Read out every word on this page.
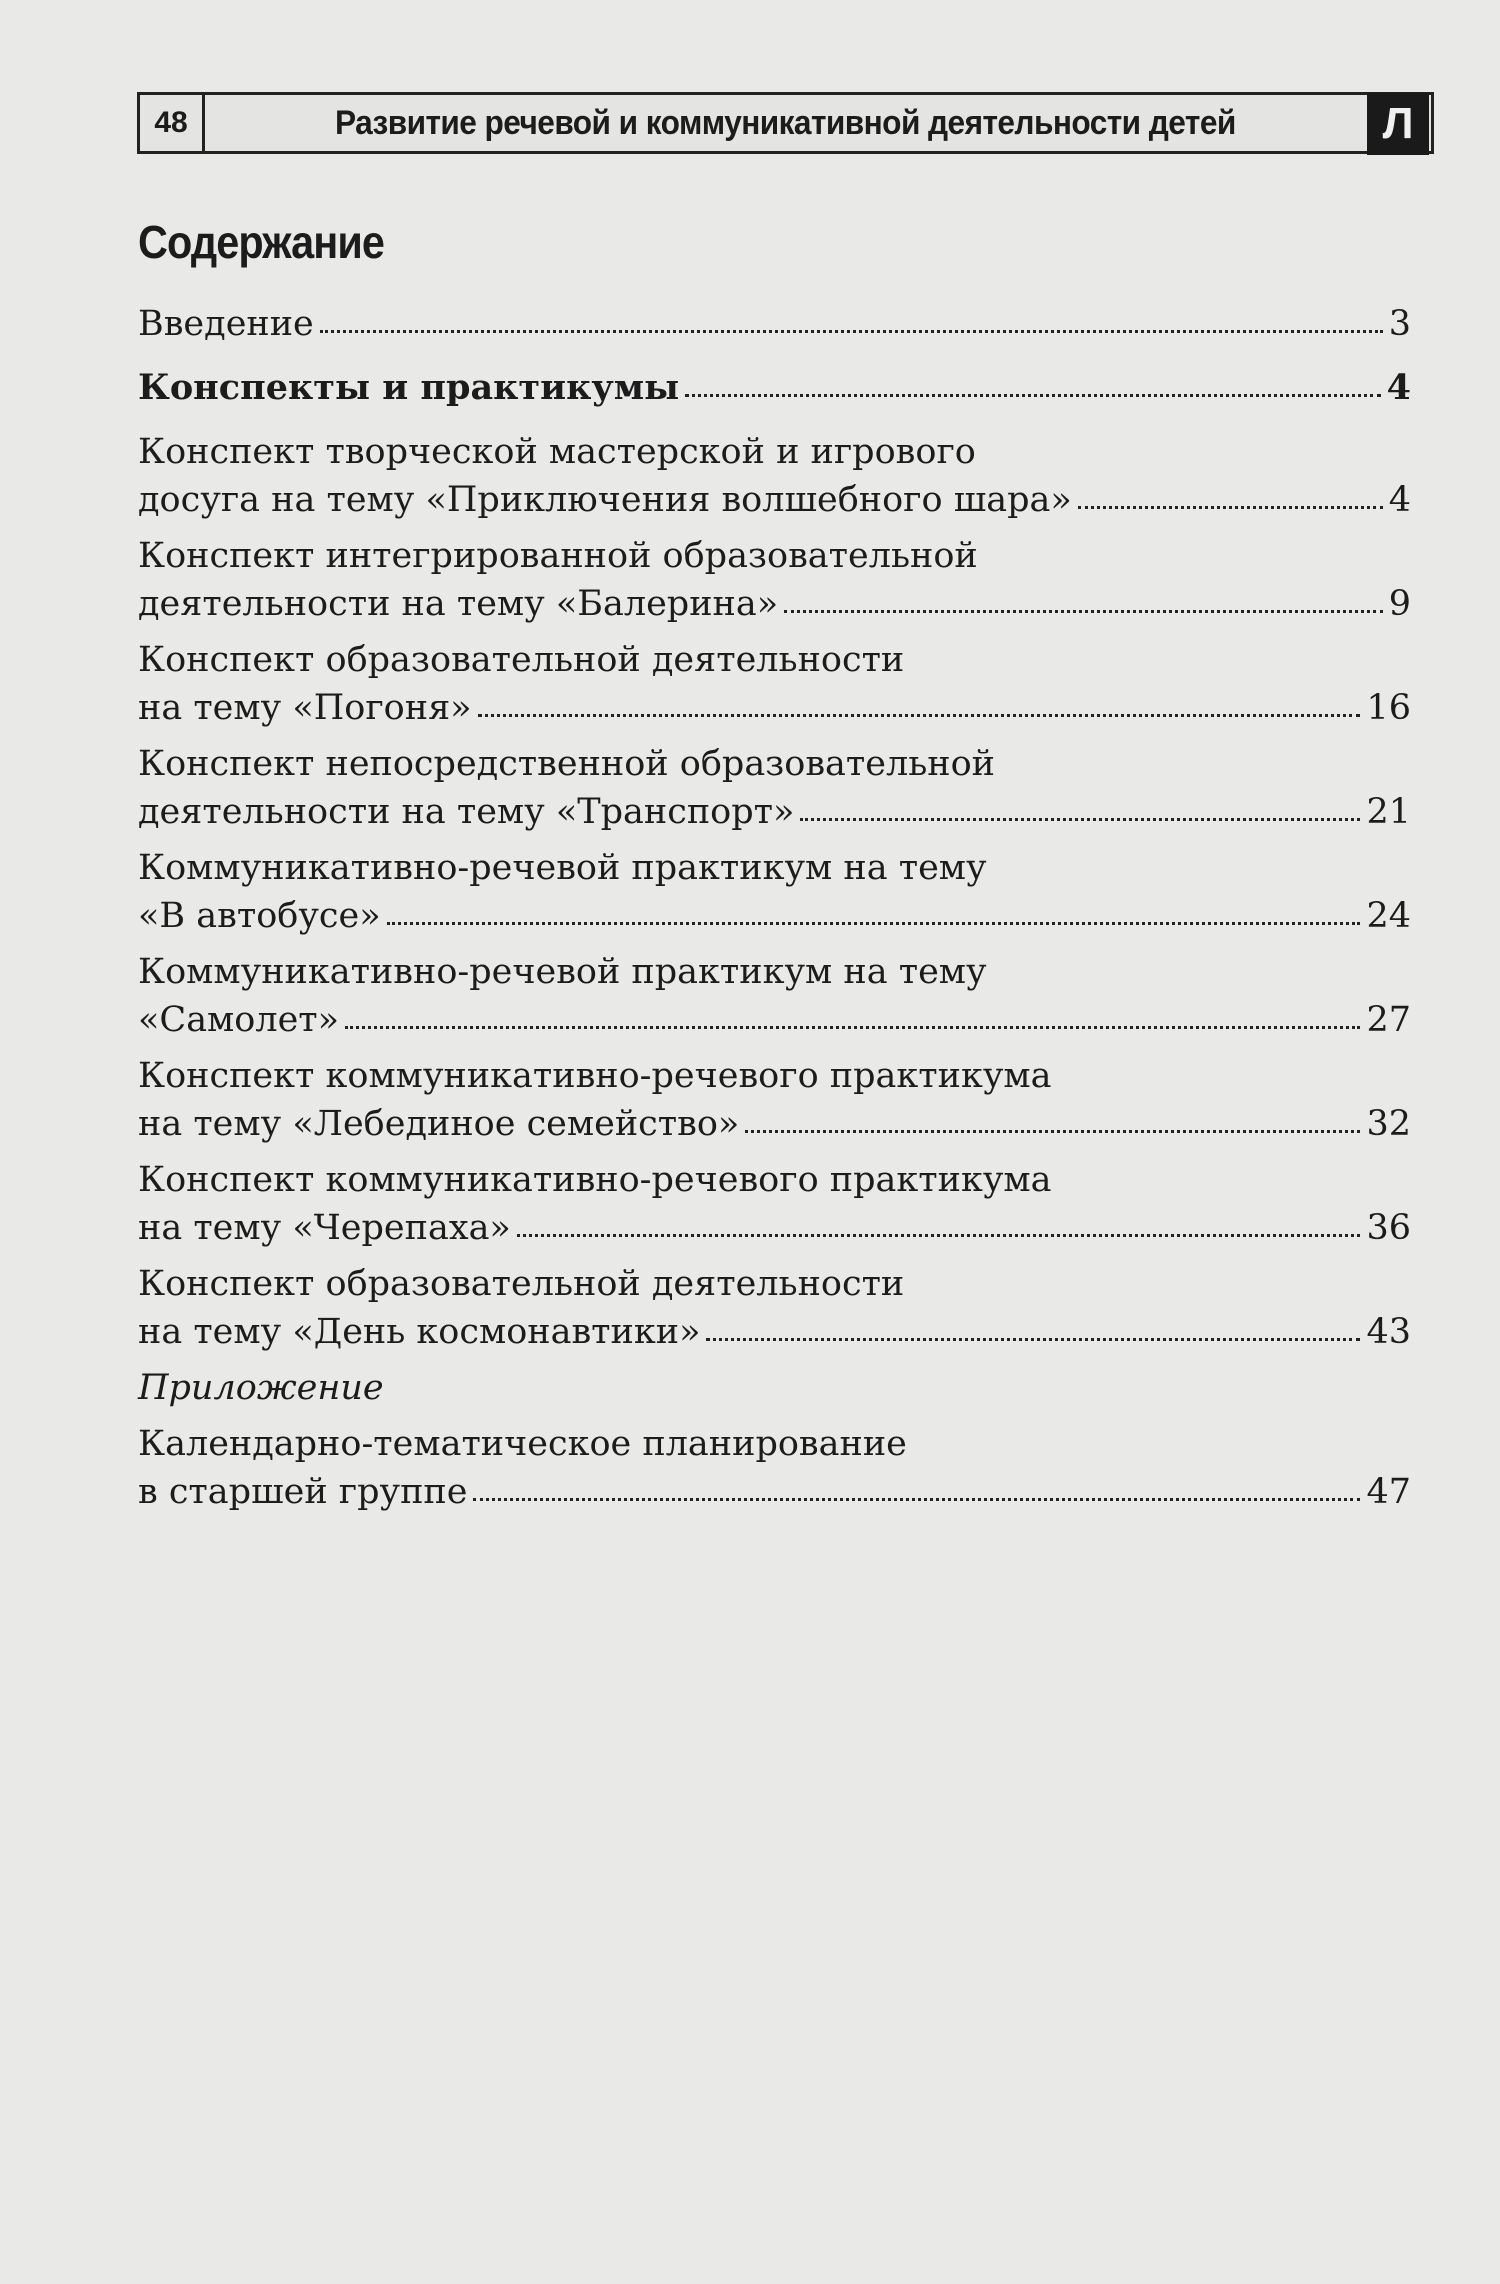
48	Развитие речевой и коммуникативной деятельности детей	Л
Содержание
Введение	3
Конспекты и практикумы	4
Конспект творческой мастерской и игрового
досуга на тему «Приключения волшебного шара»	4
Конспект интегрированной образовательной
деятельности на тему «Балерина»	9
Конспект образовательной деятельности
на тему «Погоня»	16
Конспект непосредственной образовательной
деятельности на тему «Транспорт»	21
Коммуникативно-речевой практикум на тему
«В автобусе»	24
Коммуникативно-речевой практикум на тему
«Самолет»	27
Конспект коммуникативно-речевого практикума
на тему «Лебединое семейство»	32
Конспект коммуникативно-речевого практикума
на тему «Черепаха»	36
Конспект образовательной деятельности
на тему «День космонавтики»	43
Приложение
Календарно-тематическое планирование
в старшей группе	47
